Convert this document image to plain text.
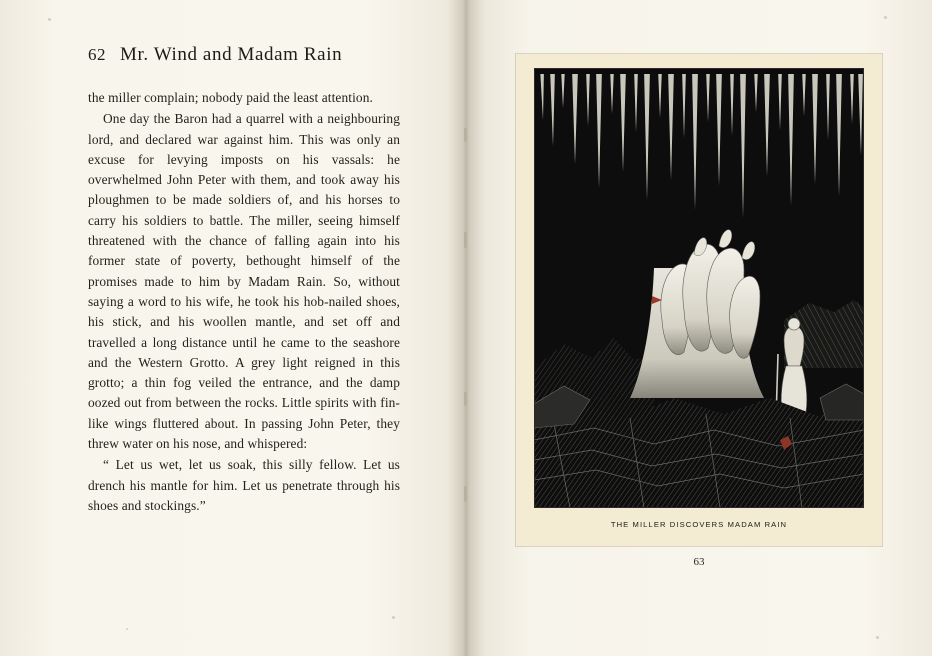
62 Mr. Wind and Madam Rain

the miller complain; nobody paid the least attention.

One day the Baron had a quarrel with a neighbouring lord, and declared war against him. This was only an excuse for levying imposts on his vassals: he overwhelmed John Peter with them, and took away his ploughmen to be made soldiers of, and his horses to carry his soldiers to battle. The miller, seeing himself threatened with the chance of falling again into his former state of poverty, bethought himself of the promises made to him by Madam Rain. So, without saying a word to his wife, he took his hob-nailed shoes, his stick, and his woollen mantle, and set off and travelled a long distance until he came to the seashore and the Western Grotto. A grey light reigned in this grotto; a thin fog veiled the entrance, and the damp oozed out from between the rocks. Little spirits with fin-like wings fluttered about. In passing John Peter, they threw water on his nose, and whispered:

“ Let us wet, let us soak, this silly fellow. Let us drench his mantle for him. Let us penetrate through his shoes and stockings.”

THE MILLER DISCOVERS MADAM RAIN
63
